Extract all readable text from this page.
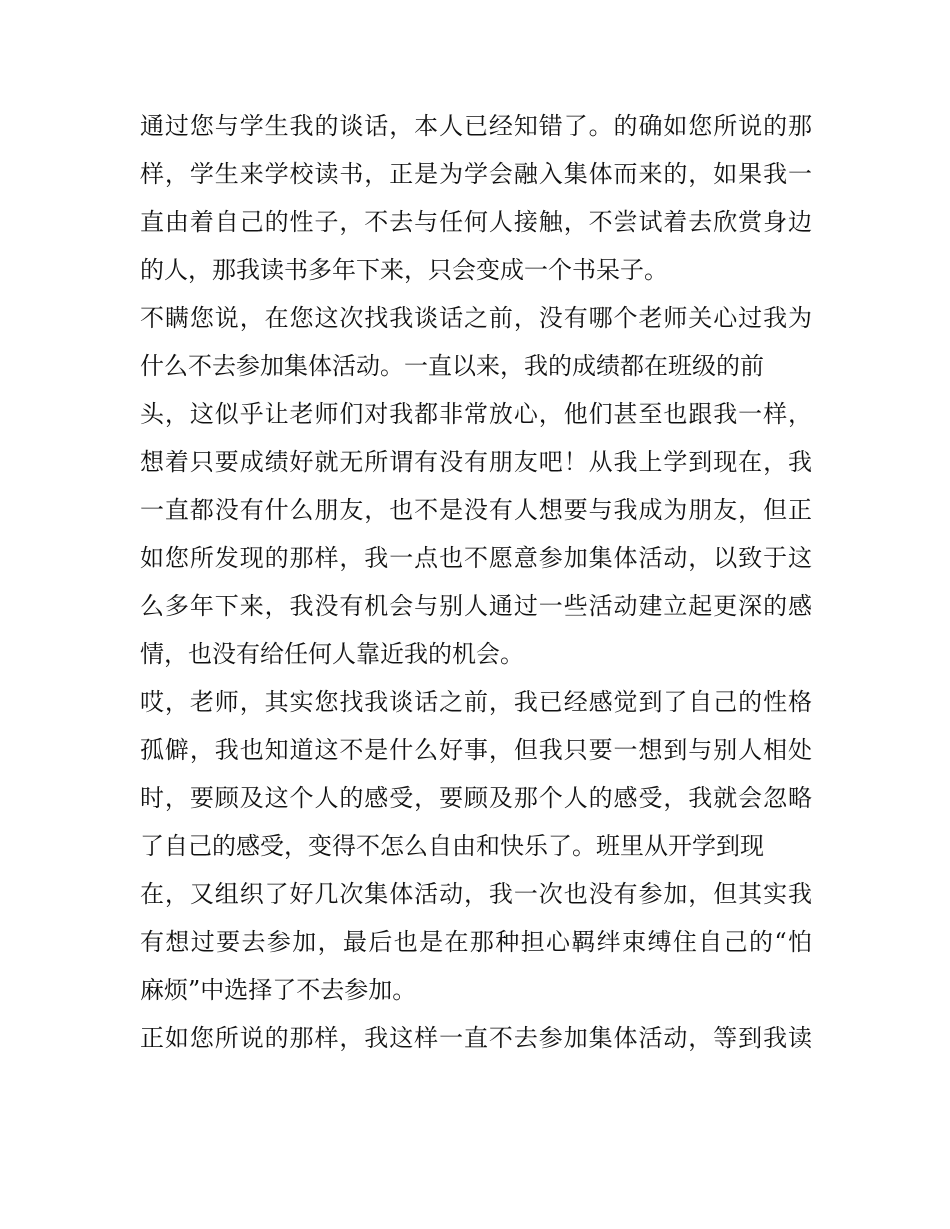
通过您与学生我的谈话，本人已经知错了。的确如您所说的那
样，学生来学校读书，正是为学会融入集体而来的，如果我一
直由着自己的性子，不去与任何人接触，不尝试着去欣赏身边
的人，那我读书多年下来，只会变成一个书呆子。
不瞒您说，在您这次找我谈话之前，没有哪个老师关心过我为
什么不去参加集体活动。一直以来，我的成绩都在班级的前
头，这似乎让老师们对我都非常放心，他们甚至也跟我一样，
想着只要成绩好就无所谓有没有朋友吧！从我上学到现在，我
一直都没有什么朋友，也不是没有人想要与我成为朋友，但正
如您所发现的那样，我一点也不愿意参加集体活动，以致于这
么多年下来，我没有机会与别人通过一些活动建立起更深的感
情，也没有给任何人靠近我的机会。
哎，老师，其实您找我谈话之前，我已经感觉到了自己的性格
孤僻，我也知道这不是什么好事，但我只要一想到与别人相处
时，要顾及这个人的感受，要顾及那个人的感受，我就会忽略
了自己的感受，变得不怎么自由和快乐了。班里从开学到现
在，又组织了好几次集体活动，我一次也没有参加，但其实我
有想过要去参加，最后也是在那种担心羁绊束缚住自己的“怕
麻烦”中选择了不去参加。
正如您所说的那样，我这样一直不去参加集体活动，等到我读
